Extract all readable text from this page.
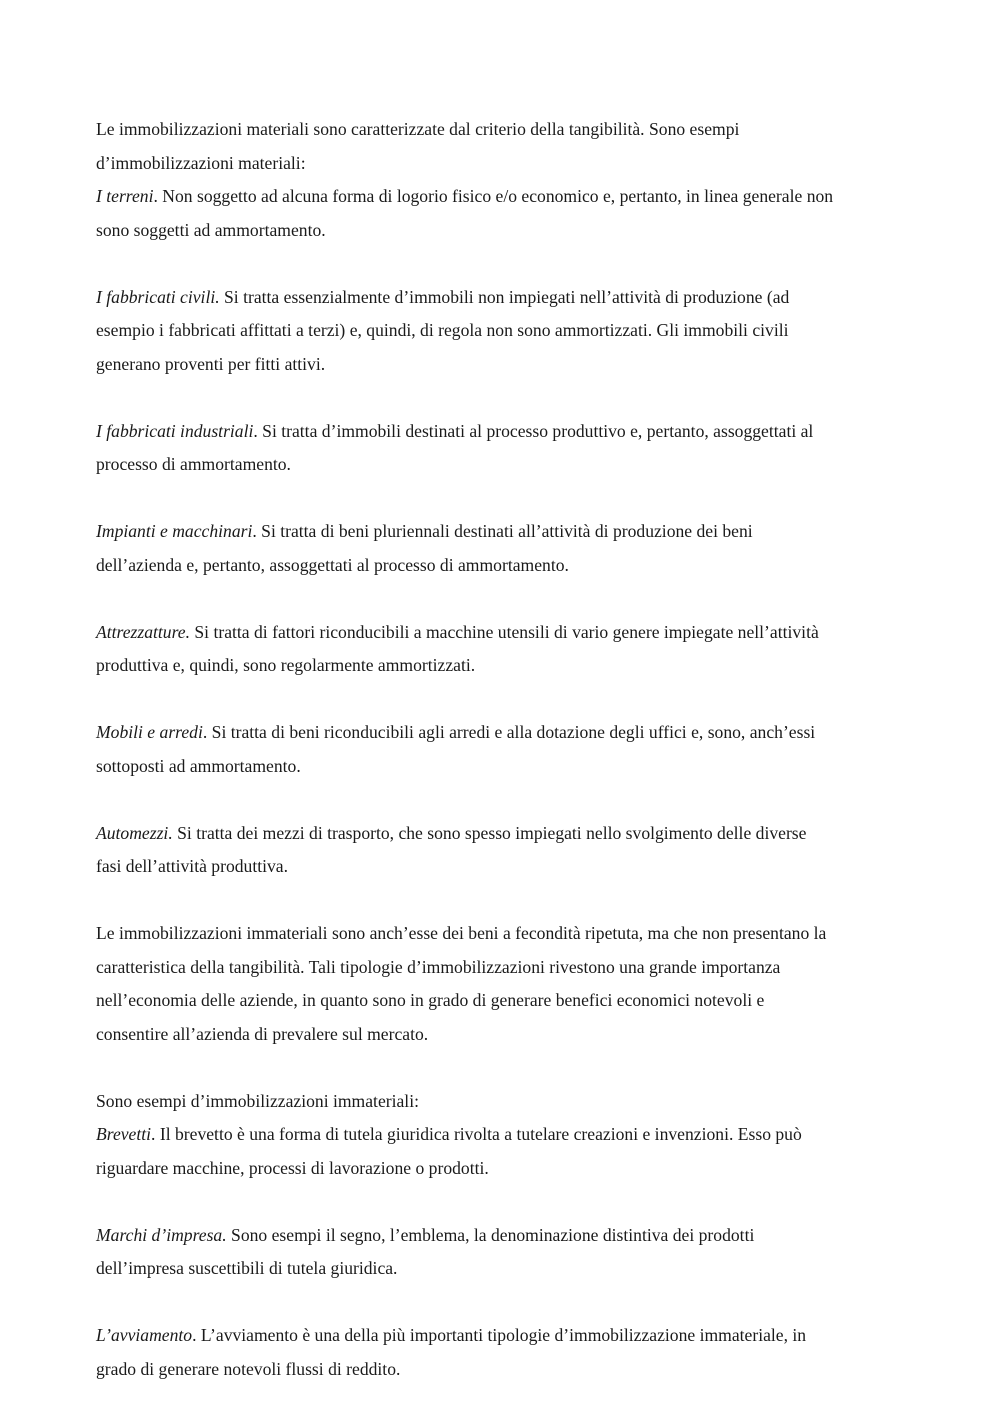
Le immobilizzazioni materiali sono caratterizzate dal criterio della tangibilità. Sono esempi

d’immobilizzazioni materiali:

I terreni. Non soggetto ad alcuna forma di logorio fisico e/o economico e, pertanto, in linea generale non

sono soggetti ad ammortamento.

I fabbricati civili. Si tratta essenzialmente d’immobili non impiegati nell’attività di produzione (ad

esempio i fabbricati affittati a terzi) e, quindi, di regola non sono ammortizzati. Gli immobili civili

generano proventi per fitti attivi.

I fabbricati industriali. Si tratta d’immobili destinati al processo produttivo e, pertanto, assoggettati al

processo di ammortamento.

Impianti e macchinari. Si tratta di beni pluriennali destinati all’attività di produzione dei beni

dell’azienda e, pertanto, assoggettati al processo di ammortamento.

Attrezzatture. Si tratta di fattori riconducibili a macchine utensili di vario genere impiegate nell’attività

produttiva e, quindi, sono regolarmente ammortizzati.

Mobili e arredi. Si tratta di beni riconducibili agli arredi e alla dotazione degli uffici e, sono, anch’essi

sottoposti ad ammortamento.

Automezzi. Si tratta dei mezzi di trasporto, che sono spesso impiegati nello svolgimento delle diverse

fasi dell’attività produttiva.

Le immobilizzazioni immateriali sono anch’esse dei beni a fecondità ripetuta, ma che non presentano la

caratteristica della tangibilità. Tali tipologie d’immobilizzazioni rivestono una grande importanza

nell’economia delle aziende, in quanto sono in grado di generare benefici economici notevoli e

consentire all’azienda di prevalere sul mercato.

Sono esempi d’immobilizzazioni immateriali:

Brevetti. Il brevetto è una forma di tutela giuridica rivolta a tutelare creazioni e invenzioni. Esso può

riguardare macchine, processi di lavorazione o prodotti.

Marchi d’impresa. Sono esempi il segno, l’emblema, la denominazione distintiva dei prodotti

dell’impresa suscettibili di tutela giuridica.

L’avviamento. L’avviamento è una della più importanti tipologie d’immobilizzazione immateriale, in

grado di generare notevoli flussi di reddito.
